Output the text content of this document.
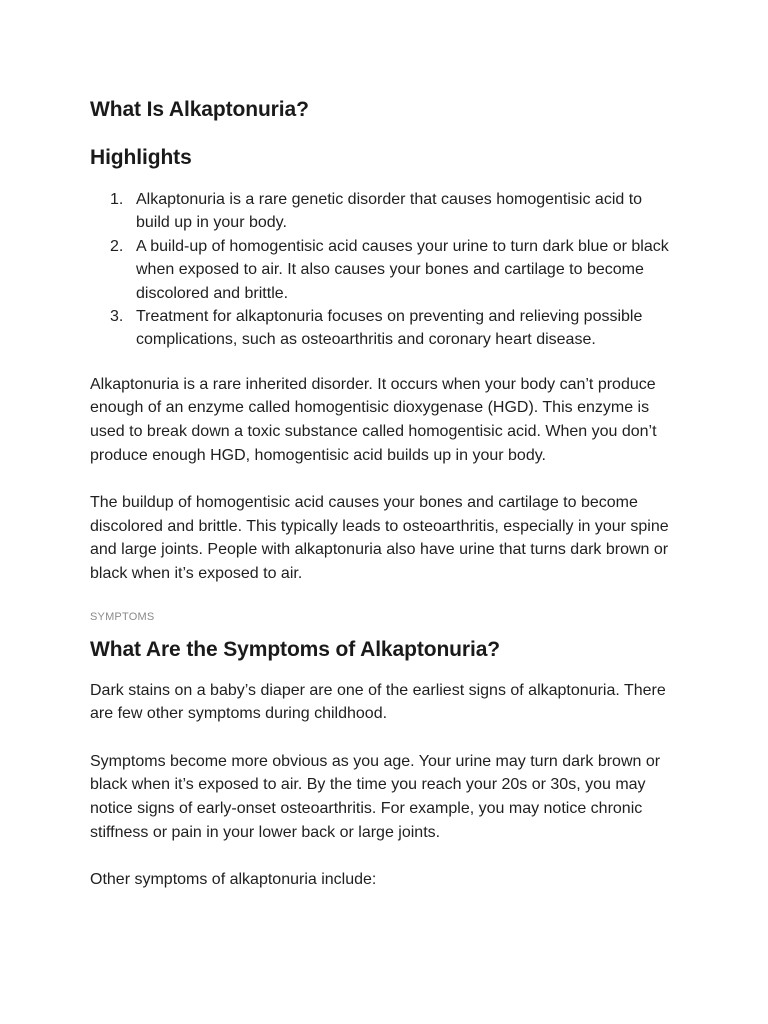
What Is Alkaptonuria?
Highlights
1. Alkaptonuria is a rare genetic disorder that causes homogentisic acid to build up in your body.
2. A build-up of homogentisic acid causes your urine to turn dark blue or black when exposed to air. It also causes your bones and cartilage to become discolored and brittle.
3. Treatment for alkaptonuria focuses on preventing and relieving possible complications, such as osteoarthritis and coronary heart disease.

Alkaptonuria is a rare inherited disorder. It occurs when your body can’t produce enough of an enzyme called homogentisic dioxygenase (HGD). This enzyme is used to break down a toxic substance called homogentisic acid. When you don’t produce enough HGD, homogentisic acid builds up in your body.

The buildup of homogentisic acid causes your bones and cartilage to become discolored and brittle. This typically leads to osteoarthritis, especially in your spine and large joints. People with alkaptonuria also have urine that turns dark brown or black when it’s exposed to air.

SYMPTOMS
What Are the Symptoms of Alkaptonuria?

Dark stains on a baby’s diaper are one of the earliest signs of alkaptonuria. There are few other symptoms during childhood.

Symptoms become more obvious as you age. Your urine may turn dark brown or black when it’s exposed to air. By the time you reach your 20s or 30s, you may notice signs of early-onset osteoarthritis. For example, you may notice chronic stiffness or pain in your lower back or large joints.

Other symptoms of alkaptonuria include:
